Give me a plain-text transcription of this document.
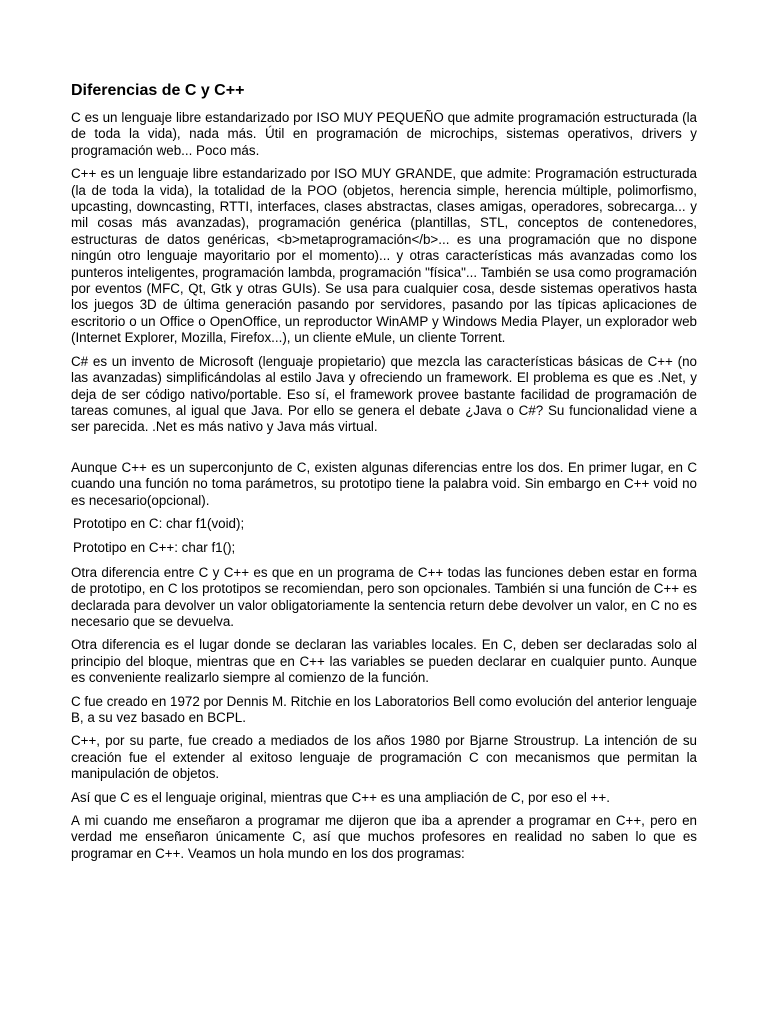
Diferencias de C y C++

C es un lenguaje libre estandarizado por ISO MUY PEQUEÑO que admite programación estructurada (la de toda la vida), nada más. Útil en programación de microchips, sistemas operativos, drivers y programación web... Poco más.

C++ es un lenguaje libre estandarizado por ISO MUY GRANDE, que admite: Programación estructurada (la de toda la vida), la totalidad de la POO (objetos, herencia simple, herencia múltiple, polimorfismo, upcasting, downcasting, RTTI, interfaces, clases abstractas, clases amigas, operadores, sobrecarga... y mil cosas más avanzadas), programación genérica (plantillas, STL, conceptos de contenedores, estructuras de datos genéricas, <b>metaprogramación</b>... es una programación que no dispone ningún otro lenguaje mayoritario por el momento)... y otras características más avanzadas como los punteros inteligentes, programación lambda, programación "física"... También se usa como programación por eventos (MFC, Qt, Gtk y otras GUIs). Se usa para cualquier cosa, desde sistemas operativos hasta los juegos 3D de última generación pasando por servidores, pasando por las típicas aplicaciones de escritorio o un Office o OpenOffice, un reproductor WinAMP y Windows Media Player, un explorador web (Internet Explorer, Mozilla, Firefox...), un cliente eMule, un cliente Torrent.

C# es un invento de Microsoft (lenguaje propietario) que mezcla las características básicas de C++ (no las avanzadas) simplificándolas al estilo Java y ofreciendo un framework. El problema es que es .Net, y deja de ser código nativo/portable. Eso sí, el framework provee bastante facilidad de programación de tareas comunes, al igual que Java. Por ello se genera el debate ¿Java o C#? Su funcionalidad viene a ser parecida. .Net es más nativo y Java más virtual.

Aunque C++ es un superconjunto de C, existen algunas diferencias entre los dos. En primer lugar, en C cuando una función no toma parámetros, su prototipo tiene la palabra void. Sin embargo en C++ void no es necesario(opcional).

Prototipo en C: char f1(void);

Prototipo en C++: char f1();

Otra diferencia entre C y C++ es que en un programa de C++ todas las funciones deben estar en forma de prototipo, en C los prototipos se recomiendan, pero son opcionales. También si una función de C++ es declarada para devolver un valor obligatoriamente la sentencia return debe devolver un valor, en C no es necesario que se devuelva.

Otra diferencia es el lugar donde se declaran las variables locales. En C, deben ser declaradas solo al principio del bloque, mientras que en C++ las variables se pueden declarar en cualquier punto. Aunque es conveniente realizarlo siempre al comienzo de la función.

C fue creado en 1972 por Dennis M. Ritchie en los Laboratorios Bell como evolución del anterior lenguaje B, a su vez basado en BCPL.

C++, por su parte, fue creado a mediados de los años 1980 por Bjarne Stroustrup. La intención de su creación fue el extender al exitoso lenguaje de programación C con mecanismos que permitan la manipulación de objetos.

Así que C es el lenguaje original, mientras que C++ es una ampliación de C, por eso el ++.

A mi cuando me enseñaron a programar me dijeron que iba a aprender a programar en C++, pero en verdad me enseñaron únicamente C, así que muchos profesores en realidad no saben lo que es programar en C++. Veamos un hola mundo en los dos programas:
